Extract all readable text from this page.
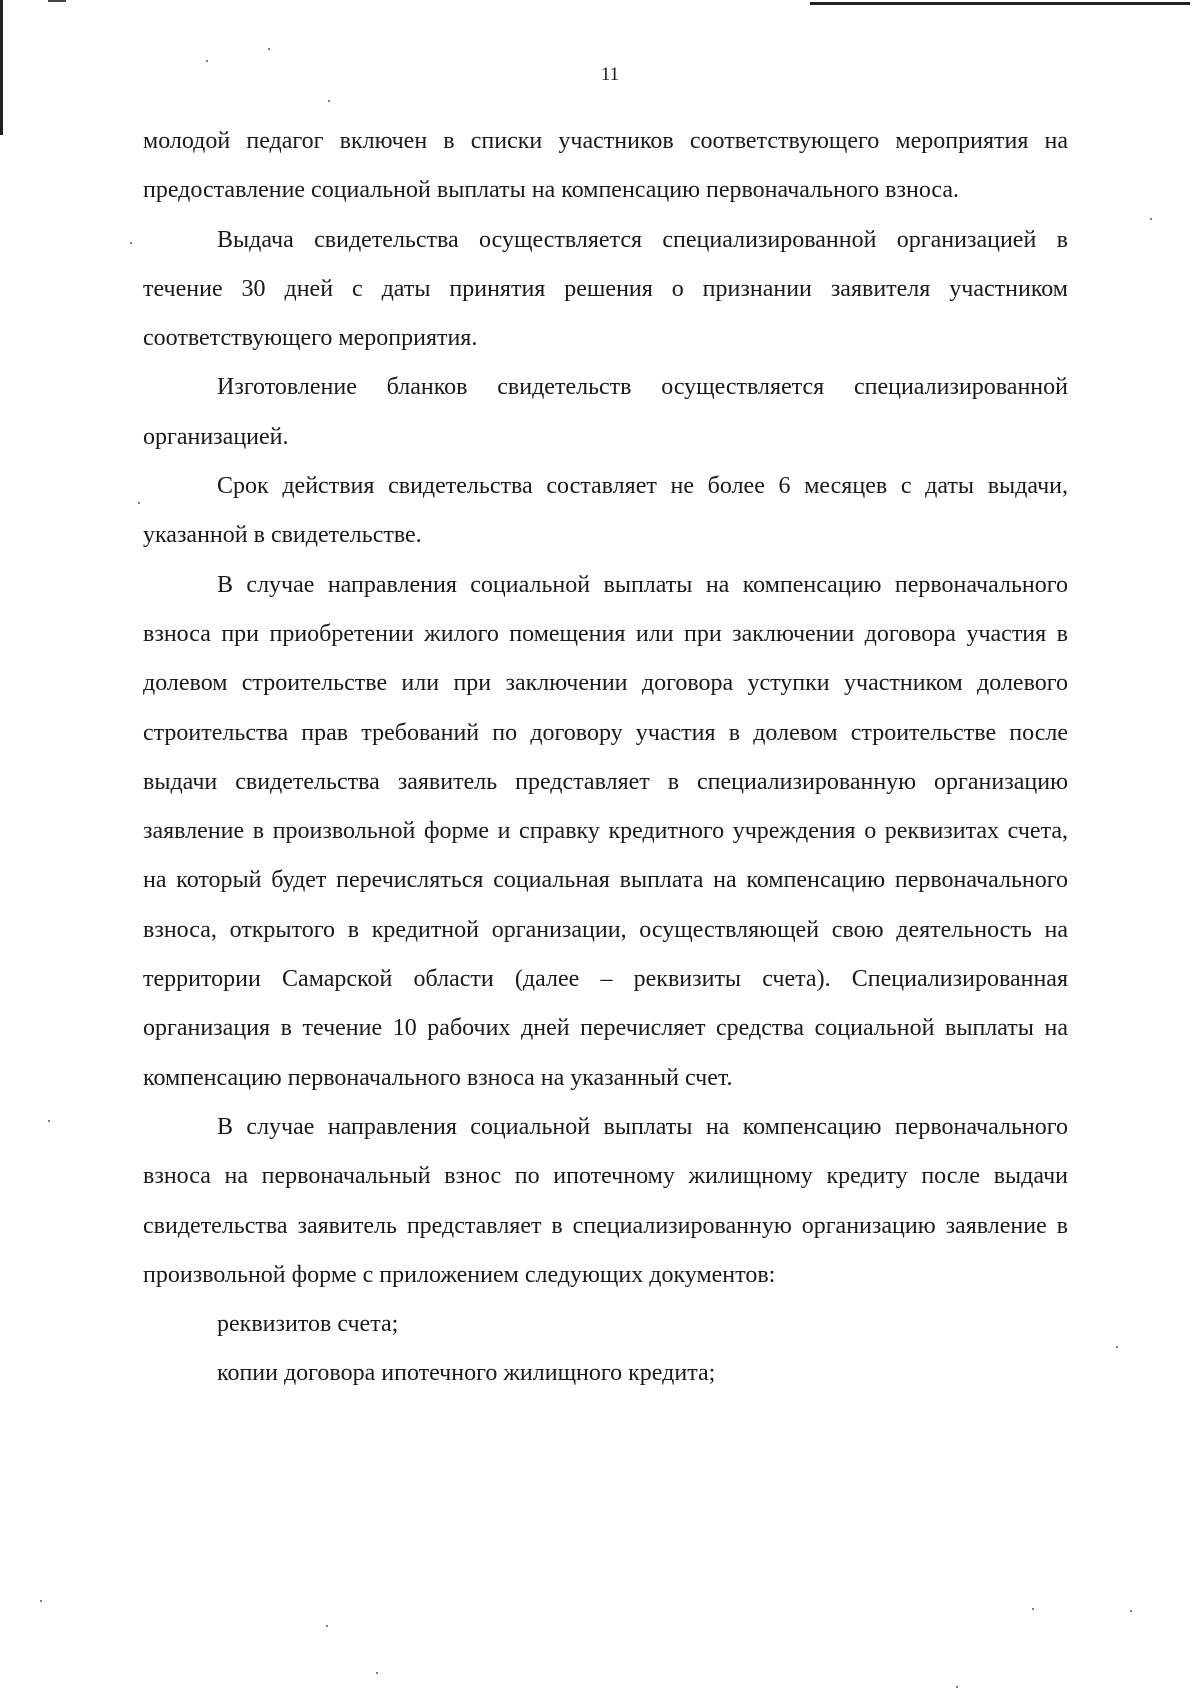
11

молодой педагог включен в списки участников соответствующего мероприятия на предоставление социальной выплаты на компенсацию первоначального взноса.

Выдача свидетельства осуществляется специализированной организацией в течение 30 дней с даты принятия решения о признании заявителя участником соответствующего мероприятия.

Изготовление бланков свидетельств осуществляется специализированной организацией.

Срок действия свидетельства составляет не более 6 месяцев с даты выдачи, указанной в свидетельстве.

В случае направления социальной выплаты на компенсацию первоначального взноса при приобретении жилого помещения или при заключении договора участия в долевом строительстве или при заключении договора уступки участником долевого строительства прав требований по договору участия в долевом строительстве после выдачи свидетельства заявитель представляет в специализированную организацию заявление в произвольной форме и справку кредитного учреждения о реквизитах счета, на который будет перечисляться социальная выплата на компенсацию первоначального взноса, открытого в кредитной организации, осуществляющей свою деятельность на территории Самарской области (далее – реквизиты счета). Специализированная организация в течение 10 рабочих дней перечисляет средства социальной выплаты на компенсацию первоначального взноса на указанный счет.

В случае направления социальной выплаты на компенсацию первоначального взноса на первоначальный взнос по ипотечному жилищному кредиту после выдачи свидетельства заявитель представляет в специализированную организацию заявление в произвольной форме с приложением следующих документов:

реквизитов счета;

копии договора ипотечного жилищного кредита;
